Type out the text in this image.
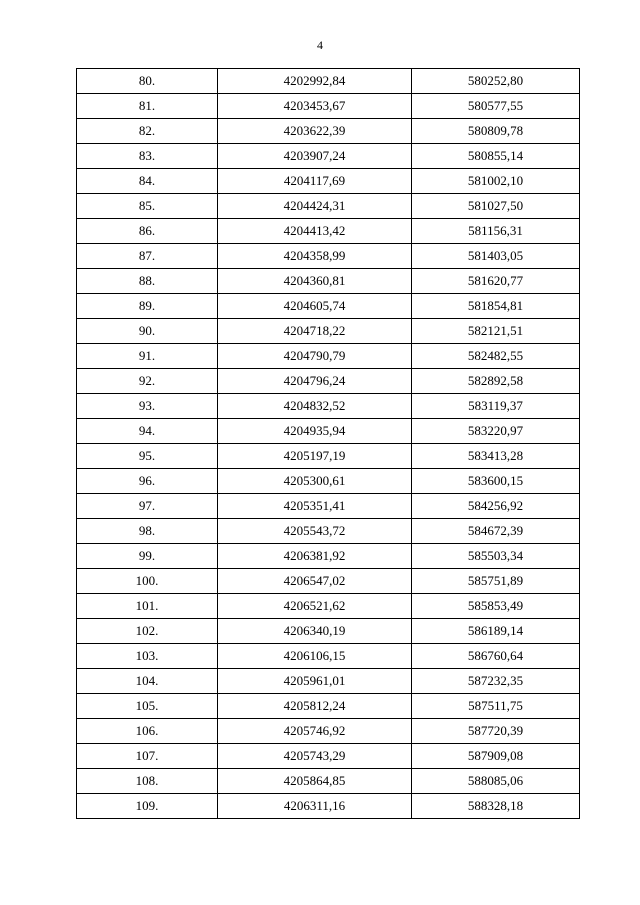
4
80.	4202992,84	580252,80
81.	4203453,67	580577,55
82.	4203622,39	580809,78
83.	4203907,24	580855,14
84.	4204117,69	581002,10
85.	4204424,31	581027,50
86.	4204413,42	581156,31
87.	4204358,99	581403,05
88.	4204360,81	581620,77
89.	4204605,74	581854,81
90.	4204718,22	582121,51
91.	4204790,79	582482,55
92.	4204796,24	582892,58
93.	4204832,52	583119,37
94.	4204935,94	583220,97
95.	4205197,19	583413,28
96.	4205300,61	583600,15
97.	4205351,41	584256,92
98.	4205543,72	584672,39
99.	4206381,92	585503,34
100.	4206547,02	585751,89
101.	4206521,62	585853,49
102.	4206340,19	586189,14
103.	4206106,15	586760,64
104.	4205961,01	587232,35
105.	4205812,24	587511,75
106.	4205746,92	587720,39
107.	4205743,29	587909,08
108.	4205864,85	588085,06
109.	4206311,16	588328,18
